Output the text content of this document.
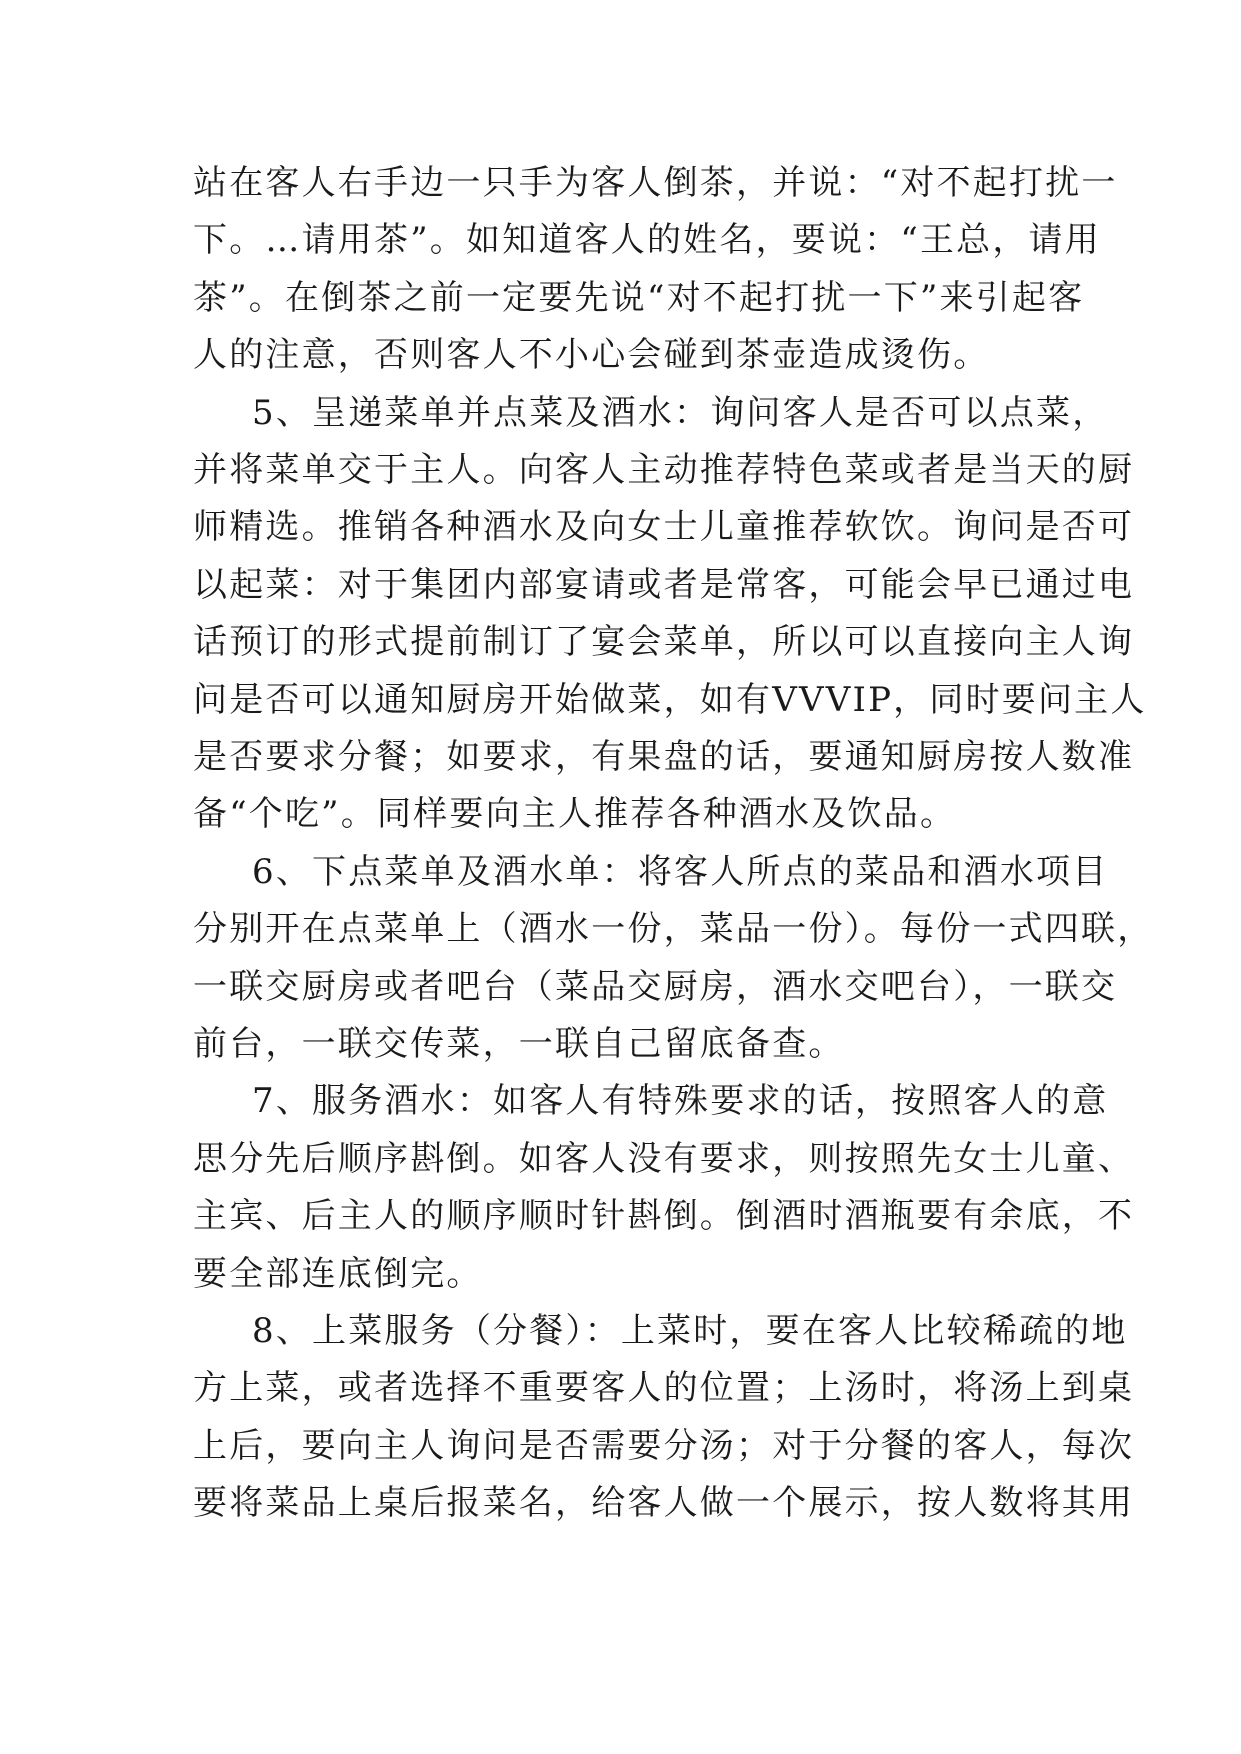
站在客人右手边一只手为客人倒茶，并说：“对不起打扰一
下。…请用茶”。如知道客人的姓名，要说：“王总，请用
茶”。在倒茶之前一定要先说“对不起打扰一下”来引起客
人的注意，否则客人不小心会碰到茶壶造成烫伤。
5、呈递菜单并点菜及酒水：询问客人是否可以点菜，
并将菜单交于主人。向客人主动推荐特色菜或者是当天的厨
师精选。推销各种酒水及向女士儿童推荐软饮。询问是否可
以起菜：对于集团内部宴请或者是常客，可能会早已通过电
话预订的形式提前制订了宴会菜单，所以可以直接向主人询
问是否可以通知厨房开始做菜，如有VVVIP，同时要问主人
是否要求分餐；如要求，有果盘的话，要通知厨房按人数准
备“个吃”。同样要向主人推荐各种酒水及饮品。
6、下点菜单及酒水单：将客人所点的菜品和酒水项目
分别开在点菜单上（酒水一份，菜品一份）。每份一式四联，
一联交厨房或者吧台（菜品交厨房，酒水交吧台），一联交
前台，一联交传菜，一联自己留底备查。
7、服务酒水：如客人有特殊要求的话，按照客人的意
思分先后顺序斟倒。如客人没有要求，则按照先女士儿童、
主宾、后主人的顺序顺时针斟倒。倒酒时酒瓶要有余底，不
要全部连底倒完。
8、上菜服务（分餐）：上菜时，要在客人比较稀疏的地
方上菜，或者选择不重要客人的位置；上汤时，将汤上到桌
上后，要向主人询问是否需要分汤；对于分餐的客人，每次
要将菜品上桌后报菜名，给客人做一个展示，按人数将其用
